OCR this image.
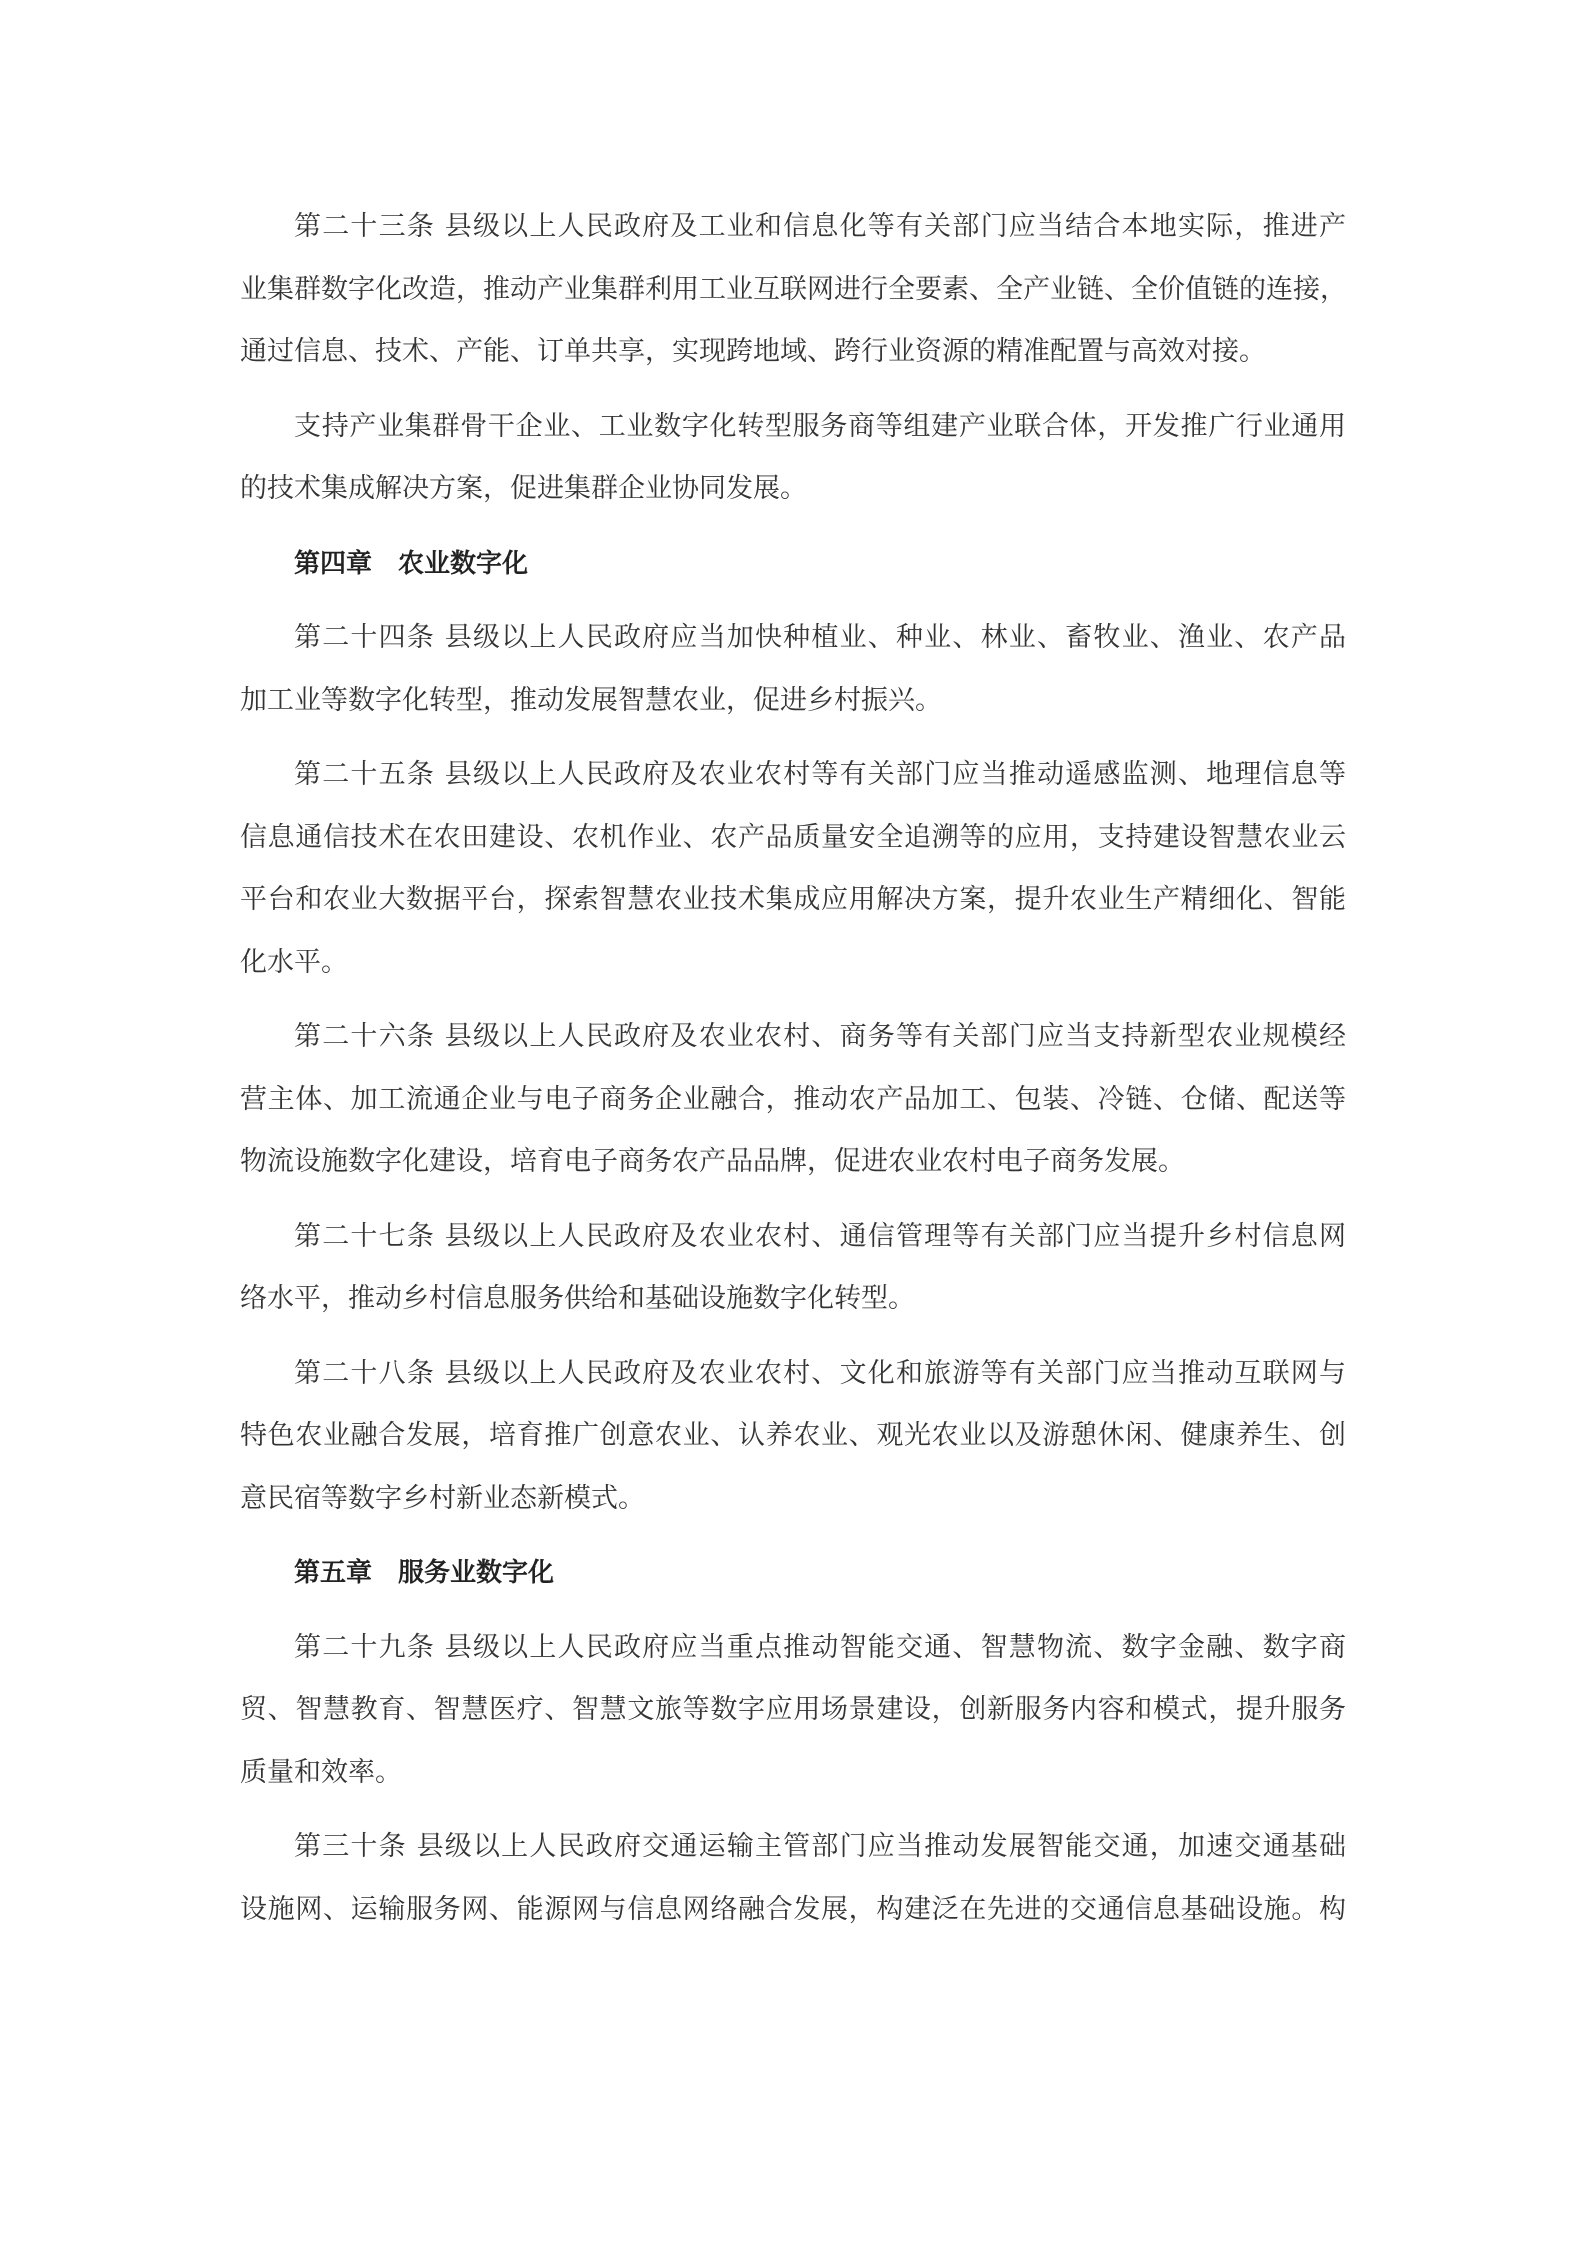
第二十三条 县级以上人民政府及工业和信息化等有关部门应当结合本地实际，推进产
业集群数字化改造，推动产业集群利用工业互联网进行全要素、全产业链、全价值链的连接，
通过信息、技术、产能、订单共享，实现跨地域、跨行业资源的精准配置与高效对接。

支持产业集群骨干企业、工业数字化转型服务商等组建产业联合体，开发推广行业通用
的技术集成解决方案，促进集群企业协同发展。

第四章 农业数字化

第二十四条 县级以上人民政府应当加快种植业、种业、林业、畜牧业、渔业、农产品
加工业等数字化转型，推动发展智慧农业，促进乡村振兴。

第二十五条 县级以上人民政府及农业农村等有关部门应当推动遥感监测、地理信息等
信息通信技术在农田建设、农机作业、农产品质量安全追溯等的应用，支持建设智慧农业云
平台和农业大数据平台，探索智慧农业技术集成应用解决方案，提升农业生产精细化、智能
化水平。

第二十六条 县级以上人民政府及农业农村、商务等有关部门应当支持新型农业规模经
营主体、加工流通企业与电子商务企业融合，推动农产品加工、包装、冷链、仓储、配送等
物流设施数字化建设，培育电子商务农产品品牌，促进农业农村电子商务发展。

第二十七条 县级以上人民政府及农业农村、通信管理等有关部门应当提升乡村信息网
络水平，推动乡村信息服务供给和基础设施数字化转型。

第二十八条 县级以上人民政府及农业农村、文化和旅游等有关部门应当推动互联网与
特色农业融合发展，培育推广创意农业、认养农业、观光农业以及游憩休闲、健康养生、创
意民宿等数字乡村新业态新模式。

第五章 服务业数字化

第二十九条 县级以上人民政府应当重点推动智能交通、智慧物流、数字金融、数字商
贸、智慧教育、智慧医疗、智慧文旅等数字应用场景建设，创新服务内容和模式，提升服务
质量和效率。

第三十条 县级以上人民政府交通运输主管部门应当推动发展智能交通，加速交通基础
设施网、运输服务网、能源网与信息网络融合发展，构建泛在先进的交通信息基础设施。构
